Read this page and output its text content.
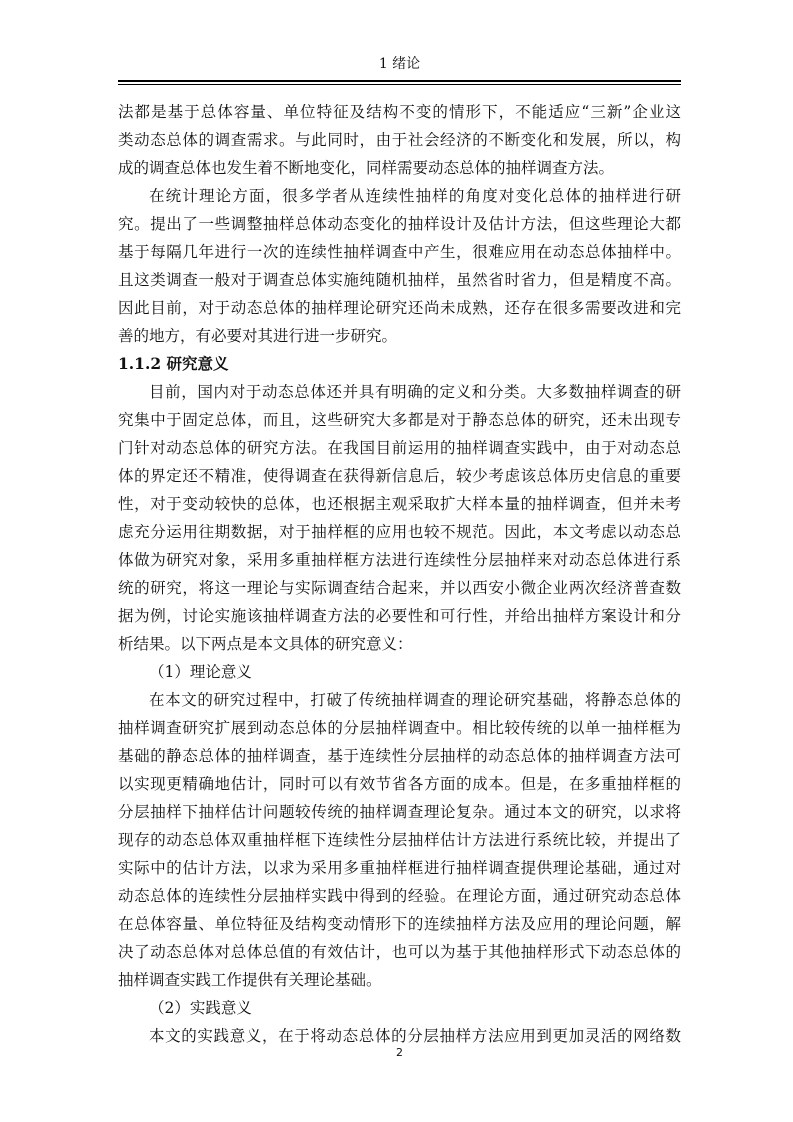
1 绪论
法都是基于总体容量、单位特征及结构不变的情形下，不能适应“三新”企业这
类动态总体的调查需求。与此同时，由于社会经济的不断变化和发展，所以，构
成的调查总体也发生着不断地变化，同样需要动态总体的抽样调查方法。
在统计理论方面，很多学者从连续性抽样的角度对变化总体的抽样进行研
究。提出了一些调整抽样总体动态变化的抽样设计及估计方法，但这些理论大都
基于每隔几年进行一次的连续性抽样调查中产生，很难应用在动态总体抽样中。
且这类调查一般对于调查总体实施纯随机抽样，虽然省时省力，但是精度不高。
因此目前，对于动态总体的抽样理论研究还尚未成熟，还存在很多需要改进和完
善的地方，有必要对其进行进一步研究。
1.1.2 研究意义
目前，国内对于动态总体还并具有明确的定义和分类。大多数抽样调查的研
究集中于固定总体，而且，这些研究大多都是对于静态总体的研究，还未出现专
门针对动态总体的研究方法。在我国目前运用的抽样调查实践中，由于对动态总
体的界定还不精准，使得调查在获得新信息后，较少考虑该总体历史信息的重要
性，对于变动较快的总体，也还根据主观采取扩大样本量的抽样调查，但并未考
虑充分运用往期数据，对于抽样框的应用也较不规范。因此，本文考虑以动态总
体做为研究对象，采用多重抽样框方法进行连续性分层抽样来对动态总体进行系
统的研究，将这一理论与实际调查结合起来，并以西安小微企业两次经济普查数
据为例，讨论实施该抽样调查方法的必要性和可行性，并给出抽样方案设计和分
析结果。以下两点是本文具体的研究意义：
（1）理论意义
在本文的研究过程中，打破了传统抽样调查的理论研究基础，将静态总体的
抽样调查研究扩展到动态总体的分层抽样调查中。相比较传统的以单一抽样框为
基础的静态总体的抽样调查，基于连续性分层抽样的动态总体的抽样调查方法可
以实现更精确地估计，同时可以有效节省各方面的成本。但是，在多重抽样框的
分层抽样下抽样估计问题较传统的抽样调查理论复杂。通过本文的研究，以求将
现存的动态总体双重抽样框下连续性分层抽样估计方法进行系统比较，并提出了
实际中的估计方法，以求为采用多重抽样框进行抽样调查提供理论基础，通过对
动态总体的连续性分层抽样实践中得到的经验。在理论方面，通过研究动态总体
在总体容量、单位特征及结构变动情形下的连续抽样方法及应用的理论问题，解
决了动态总体对总体总值的有效估计，也可以为基于其他抽样形式下动态总体的
抽样调查实践工作提供有关理论基础。
（2）实践意义
本文的实践意义，在于将动态总体的分层抽样方法应用到更加灵活的网络数
2
